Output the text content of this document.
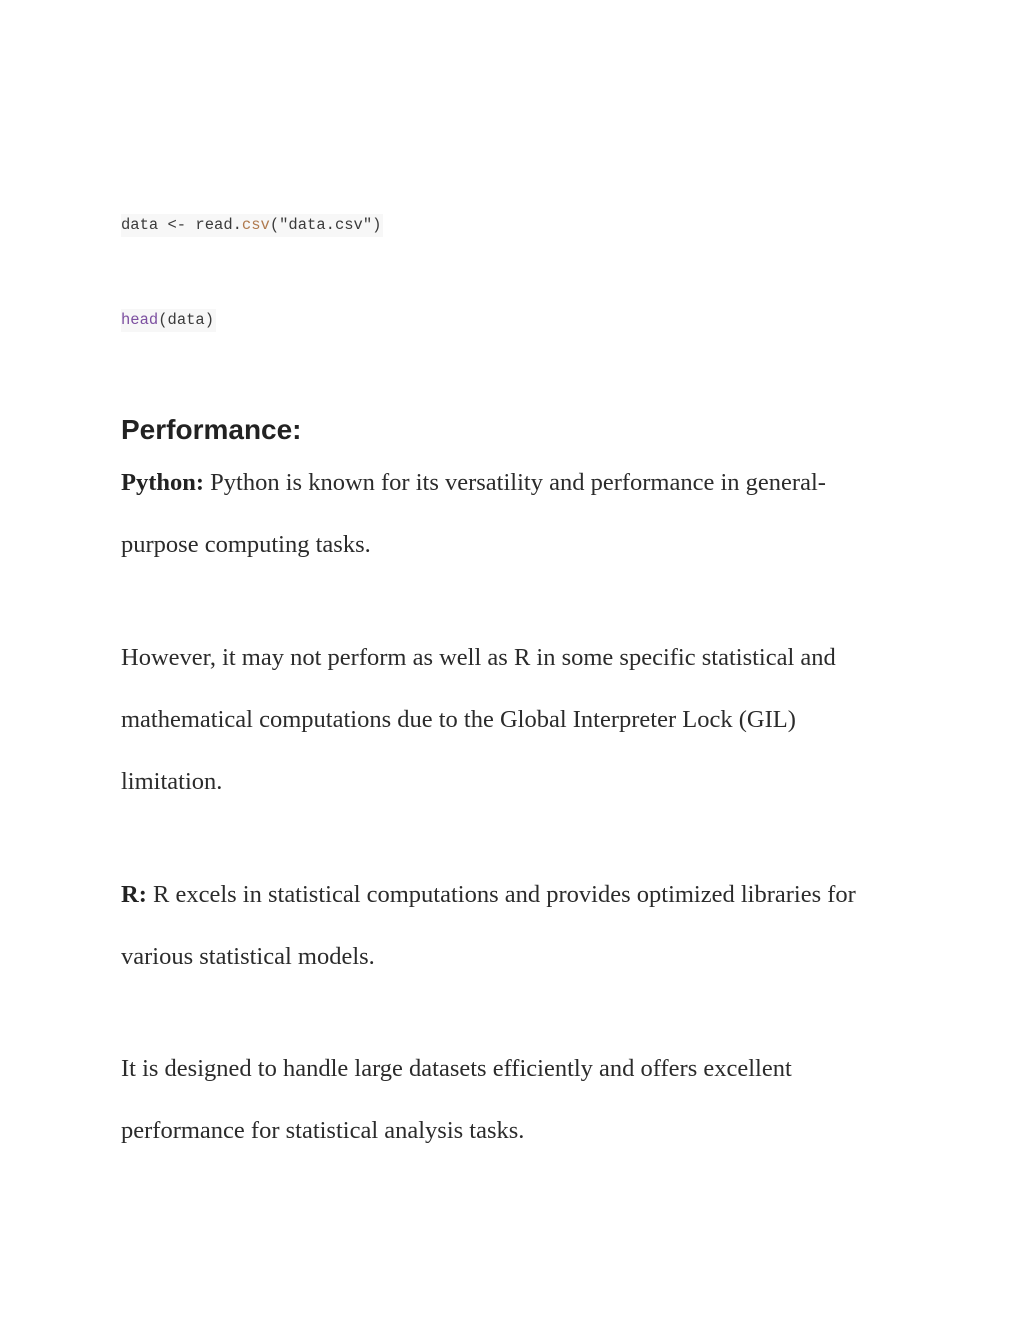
data <- read.csv("data.csv")
head(data)
Performance:

Python: Python is known for its versatility and performance in general-purpose computing tasks.

However, it may not perform as well as R in some specific statistical and mathematical computations due to the Global Interpreter Lock (GIL) limitation.

R: R excels in statistical computations and provides optimized libraries for various statistical models.

It is designed to handle large datasets efficiently and offers excellent performance for statistical analysis tasks.
